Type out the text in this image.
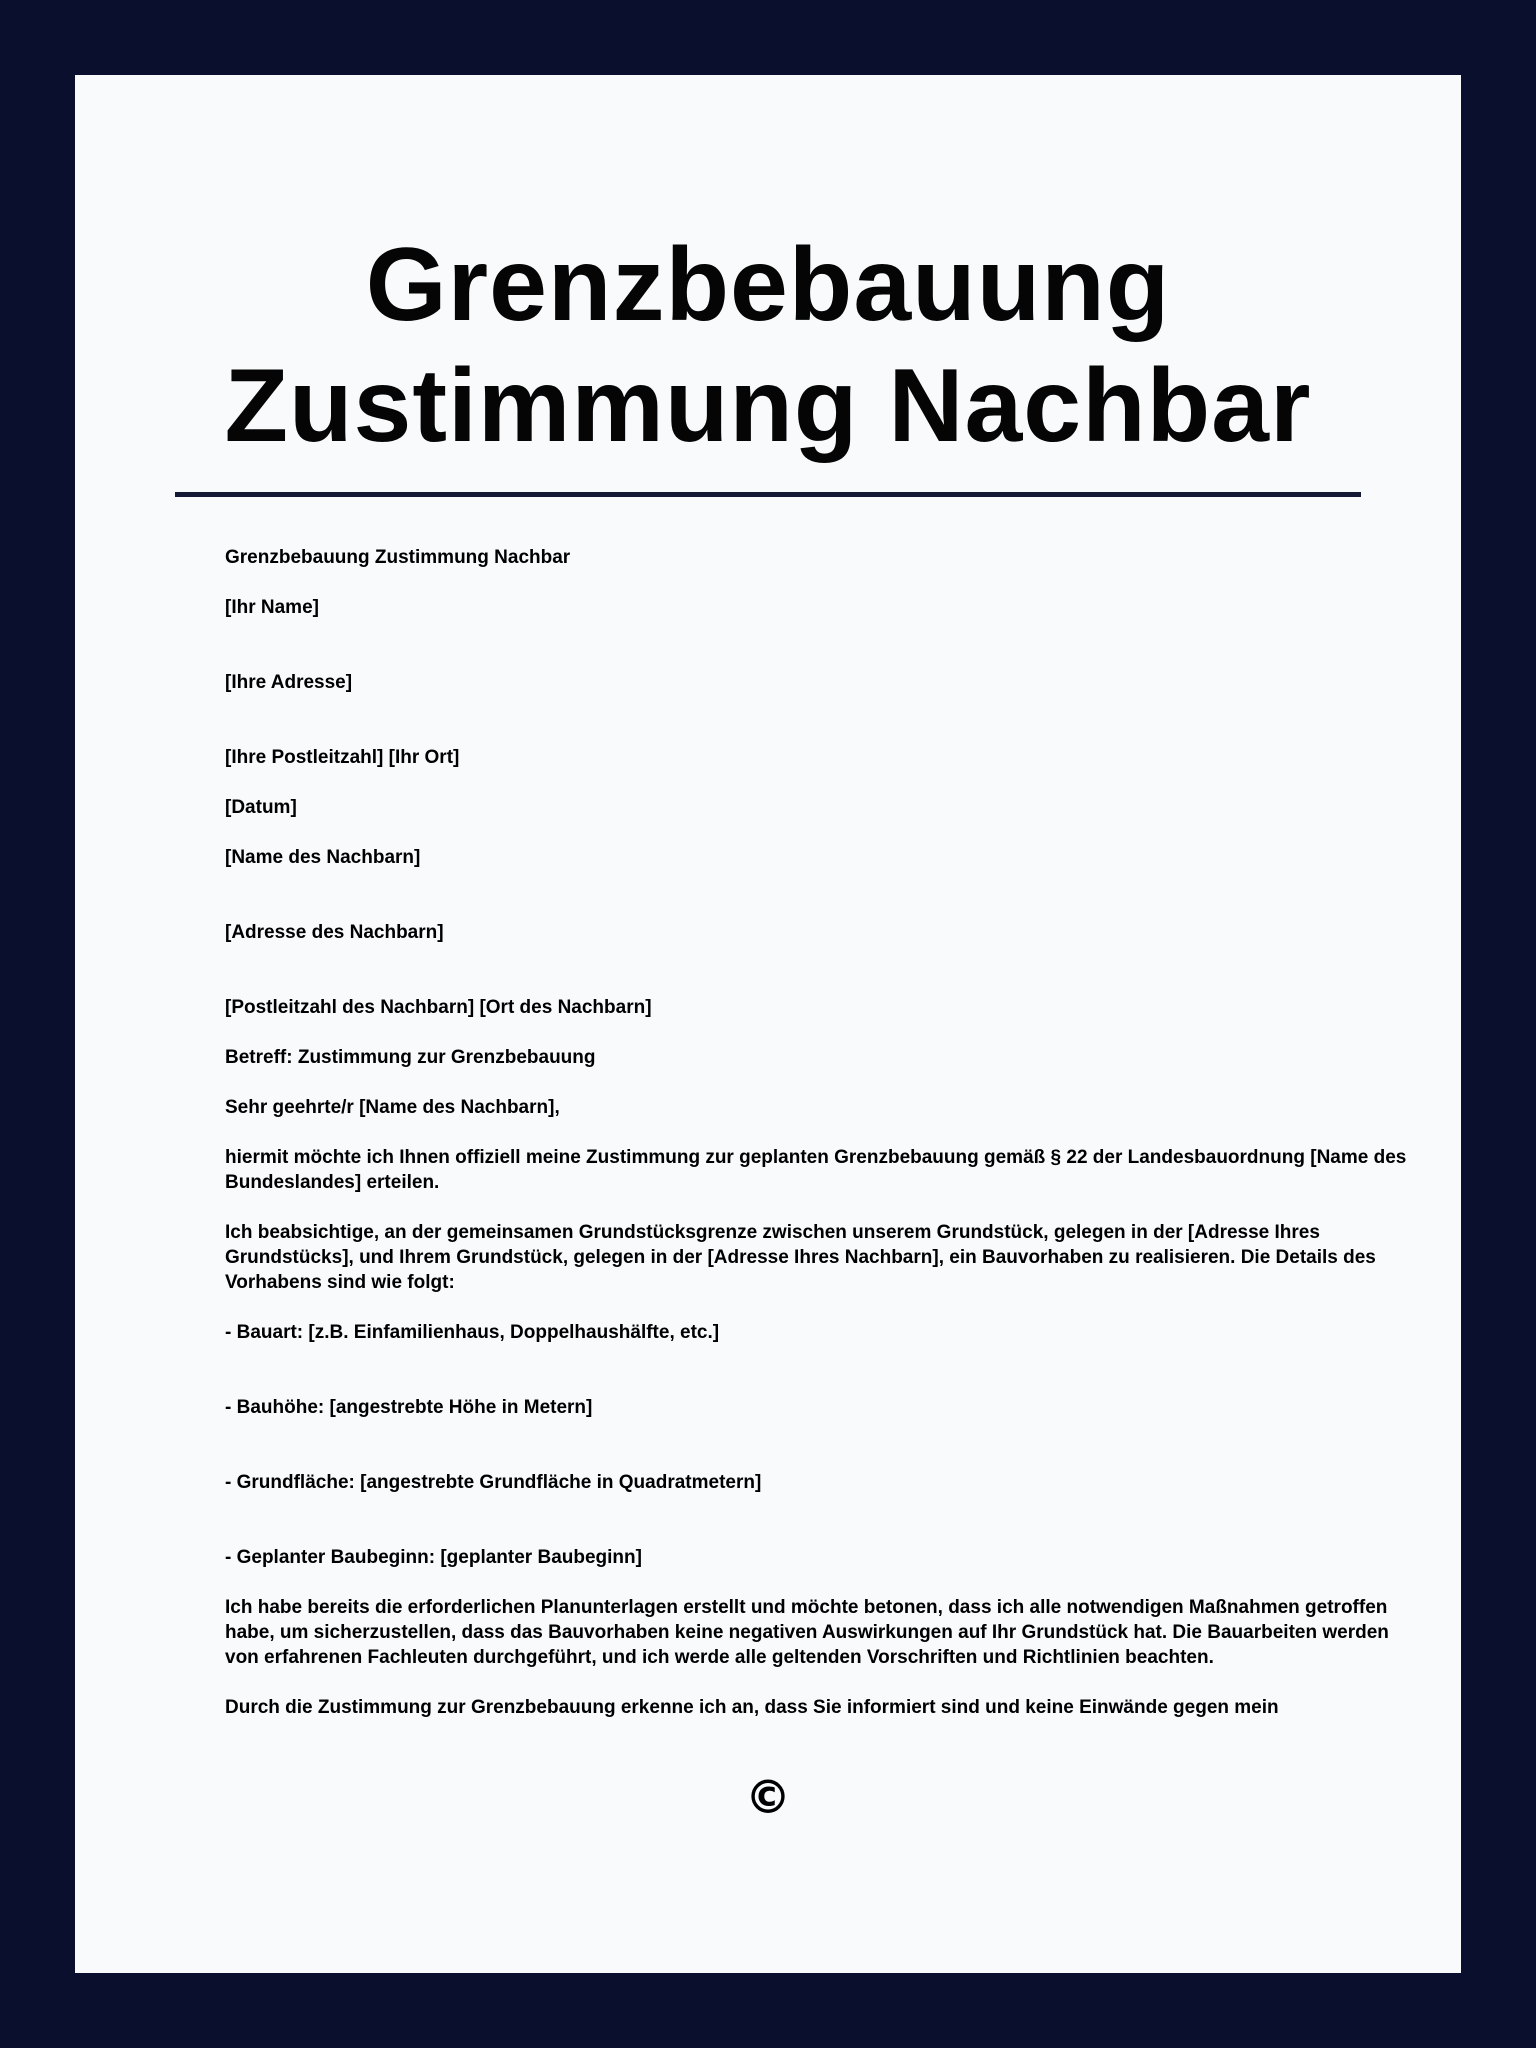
Grenzbebauung
Zustimmung Nachbar

Grenzbebauung Zustimmung Nachbar

[Ihr Name]

[Ihre Adresse]

[Ihre Postleitzahl] [Ihr Ort]

[Datum]

[Name des Nachbarn]

[Adresse des Nachbarn]

[Postleitzahl des Nachbarn] [Ort des Nachbarn]

Betreff: Zustimmung zur Grenzbebauung

Sehr geehrte/r [Name des Nachbarn],

hiermit möchte ich Ihnen offiziell meine Zustimmung zur geplanten Grenzbebauung gemäß § 22 der Landesbauordnung [Name des Bundeslandes] erteilen.

Ich beabsichtige, an der gemeinsamen Grundstücksgrenze zwischen unserem Grundstück, gelegen in der [Adresse Ihres Grundstücks], und Ihrem Grundstück, gelegen in der [Adresse Ihres Nachbarn], ein Bauvorhaben zu realisieren. Die Details des Vorhabens sind wie folgt:

- Bauart: [z.B. Einfamilienhaus, Doppelhaushälfte, etc.]

- Bauhöhe: [angestrebte Höhe in Metern]

- Grundfläche: [angestrebte Grundfläche in Quadratmetern]

- Geplanter Baubeginn: [geplanter Baubeginn]

Ich habe bereits die erforderlichen Planunterlagen erstellt und möchte betonen, dass ich alle notwendigen Maßnahmen getroffen habe, um sicherzustellen, dass das Bauvorhaben keine negativen Auswirkungen auf Ihr Grundstück hat. Die Bauarbeiten werden von erfahrenen Fachleuten durchgeführt, und ich werde alle geltenden Vorschriften und Richtlinien beachten.

Durch die Zustimmung zur Grenzbebauung erkenne ich an, dass Sie informiert sind und keine Einwände gegen mein

©
